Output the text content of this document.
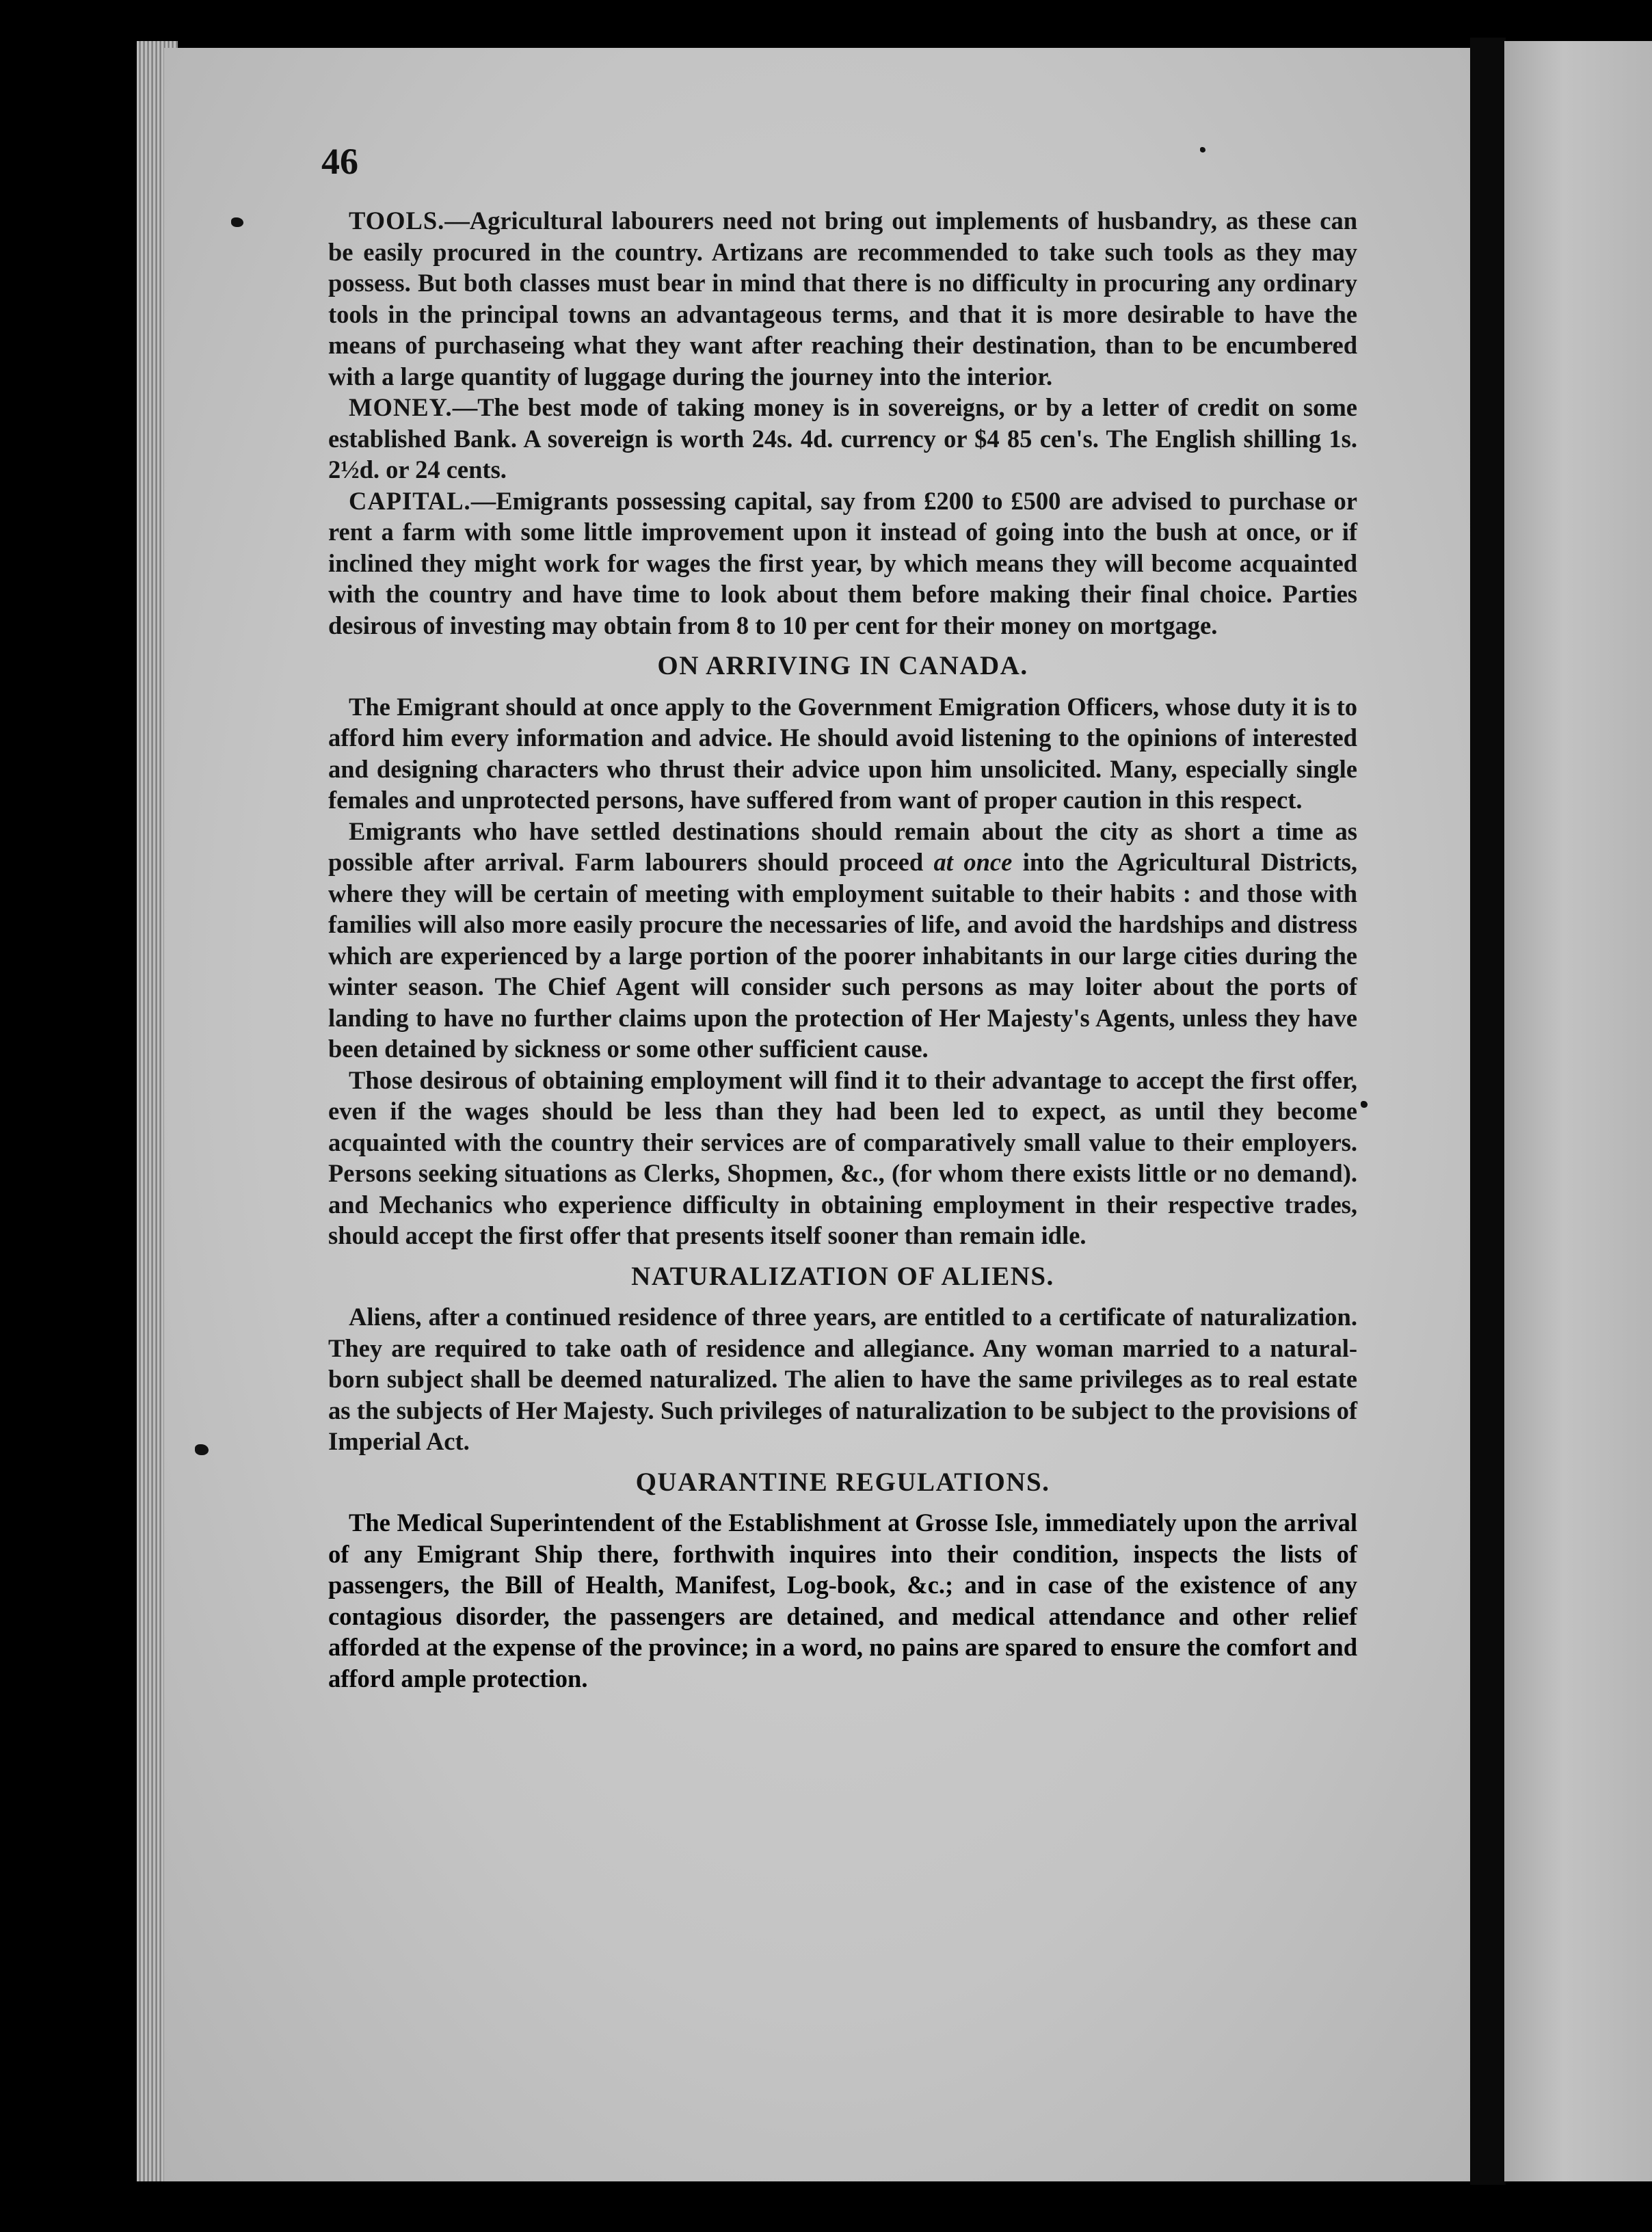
46

TOOLS.—Agricultural labourers need not bring out implements of husbandry, as these can be easily procured in the country. Artizans are recommended to take such tools as they may possess. But both classes must bear in mind that there is no difficulty in procuring any ordinary tools in the principal towns an advantageous terms, and that it is more desirable to have the means of purchaseing what they want after reaching their destination, than to be encumbered with a large quantity of luggage during the journey into the interior.

MONEY.—The best mode of taking money is in sovereigns, or by a letter of credit on some established Bank. A sovereign is worth 24s. 4d. currency or $4 85 cen's. The English shilling 1s. 2½d. or 24 cents.

CAPITAL.—Emigrants possessing capital, say from £200 to £500 are advised to purchase or rent a farm with some little improvement upon it instead of going into the bush at once, or if inclined they might work for wages the first year, by which means they will become acquainted with the country and have time to look about them before making their final choice. Parties desirous of investing may obtain from 8 to 10 per cent for their money on mortgage.

ON ARRIVING IN CANADA.

The Emigrant should at once apply to the Government Emigration Officers, whose duty it is to afford him every information and advice. He should avoid listening to the opinions of interested and designing characters who thrust their advice upon him unsolicited. Many, especially single females and unprotected persons, have suffered from want of proper caution in this respect.

Emigrants who have settled destinations should remain about the city as short a time as possible after arrival. Farm labourers should proceed at once into the Agricultural Districts, where they will be certain of meeting with employment suitable to their habits : and those with families will also more easily procure the necessaries of life, and avoid the hardships and distress which are experienced by a large portion of the poorer inhabitants in our large cities during the winter season. The Chief Agent will consider such persons as may loiter about the ports of landing to have no further claims upon the protection of Her Majesty's Agents, unless they have been detained by sickness or some other sufficient cause.

Those desirous of obtaining employment will find it to their advantage to accept the first offer, even if the wages should be less than they had been led to expect, as until they become acquainted with the country their services are of comparatively small value to their employers. Persons seeking situations as Clerks, Shopmen, &c., (for whom there exists little or no demand). and Mechanics who experience difficulty in obtaining employment in their respective trades, should accept the first offer that presents itself sooner than remain idle.

NATURALIZATION OF ALIENS.

Aliens, after a continued residence of three years, are entitled to a certificate of naturalization. They are required to take oath of residence and allegiance. Any woman married to a natural-born subject shall be deemed naturalized. The alien to have the same privileges as to real estate as the subjects of Her Majesty. Such privileges of naturalization to be subject to the provisions of Imperial Act.

QUARANTINE REGULATIONS.

The Medical Superintendent of the Establishment at Grosse Isle, immediately upon the arrival of any Emigrant Ship there, forthwith inquires into their condition, inspects the lists of passengers, the Bill of Health, Manifest, Log-book, &c.; and in case of the existence of any contagious disorder, the passengers are detained, and medical attendance and other relief afforded at the expense of the province; in a word, no pains are spared to ensure the comfort and afford ample protection.
